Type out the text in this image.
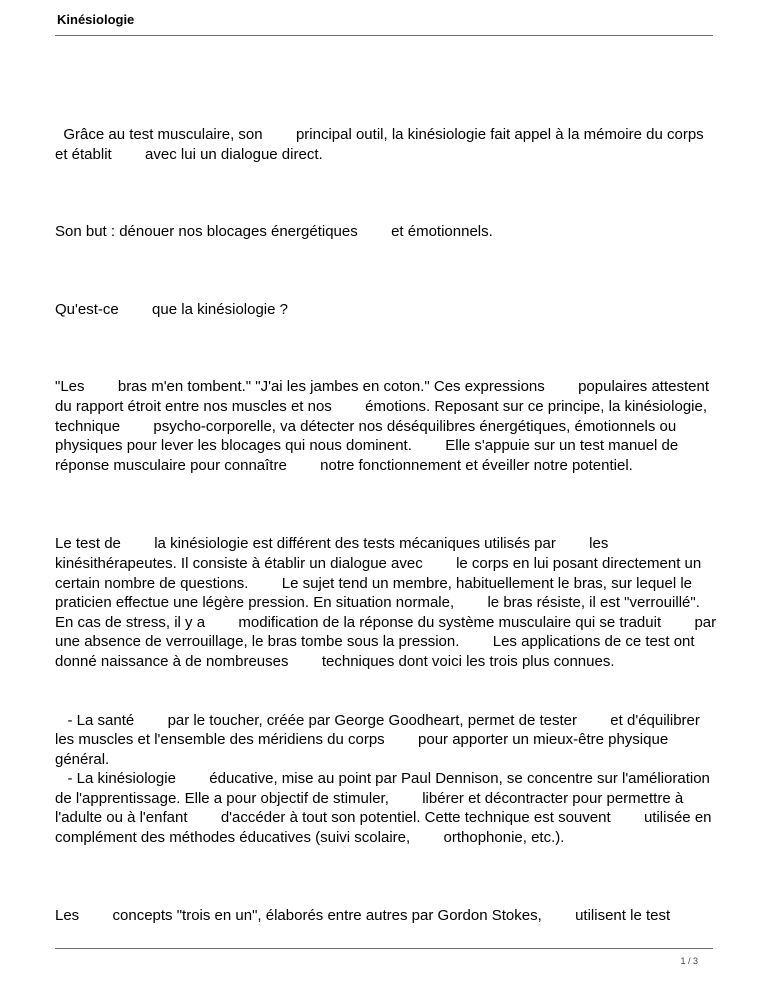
Kinésiologie

Grâce au test musculaire, son        principal outil, la kinésiologie fait appel à la mémoire du corps et établit        avec lui un dialogue direct.

Son but : dénouer nos blocages énergétiques        et émotionnels.

Qu'est-ce        que la kinésiologie ?

"Les        bras m'en tombent." "J'ai les jambes en coton." Ces expressions        populaires attestent du rapport étroit entre nos muscles et nos        émotions. Reposant sur ce principe, la kinésiologie, technique        psycho-corporelle, va détecter nos déséquilibres énergétiques, émotionnels ou physiques pour lever les blocages qui nous dominent.        Elle s'appuie sur un test manuel de réponse musculaire pour connaître        notre fonctionnement et éveiller notre potentiel.

Le test de        la kinésiologie est différent des tests mécaniques utilisés par        les kinésithérapeutes. Il consiste à établir un dialogue avec        le corps en lui posant directement un certain nombre de questions.        Le sujet tend un membre, habituellement le bras, sur lequel le        praticien effectue une légère pression. En situation normale,        le bras résiste, il est "verrouillé". En cas de stress, il y a        modification de la réponse du système musculaire qui se traduit        par une absence de verrouillage, le bras tombe sous la pression.        Les applications de ce test ont donné naissance à de nombreuses        techniques dont voici les trois plus connues.

- La santé        par le toucher, créée par George Goodheart, permet de tester        et d'équilibrer les muscles et l'ensemble des méridiens du corps        pour apporter un mieux-être physique général.

- La kinésiologie        éducative, mise au point par Paul Dennison, se concentre sur l'amélioration de l'apprentissage. Elle a pour objectif de stimuler,        libérer et décontracter pour permettre à l'adulte ou à l'enfant        d'accéder à tout son potentiel. Cette technique est souvent        utilisée en complément des méthodes éducatives (suivi scolaire,        orthophonie, etc.).

Les        concepts "trois en un", élaborés entre autres par Gordon Stokes,        utilisent le test

1 / 3
